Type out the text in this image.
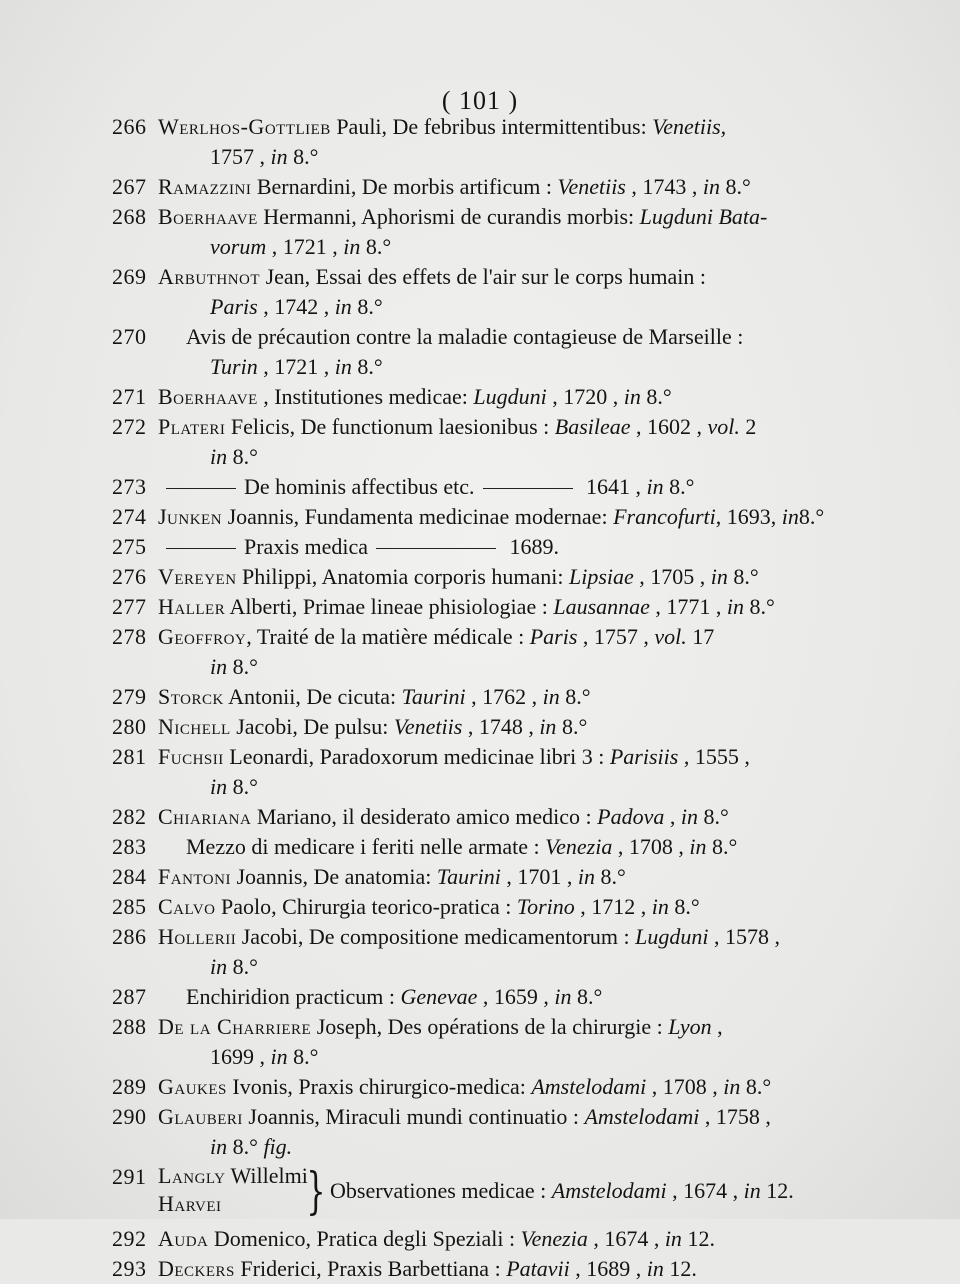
( 101 )
266 Werlhos-Gottlieb Pauli, De febribus intermittentibus: Venetiis,
1757 , in 8.°
267 Ramazzini Bernardini, De morbis artificum : Venetiis , 1743 , in 8.°
268 Boerhaave Hermanni, Aphorismi de curandis morbis: Lugduni Bata-
vorum , 1721 , in 8.°
269 Arbuthnot Jean, Essai des effets de l'air sur le corps humain :
Paris , 1742 , in 8.°
270	Avis de précaution contre la maladie contagieuse de Marseille :
Turin , 1721 , in 8.°
271 Boerhaave , Institutiones medicae: Lugduni , 1720 , in 8.°
272 Plateri Felicis, De functionum laesionibus : Basileae , 1602 , vol. 2
in 8.°
273	De hominis affectibus etc.	1641 , in 8.°
274 Junken Joannis, Fundamenta medicinae modernae: Francofurti, 1693, in8.°
275	Praxis medica	1689.
276 Vereyen Philippi, Anatomia corporis humani: Lipsiae , 1705 , in 8.°
277 Haller Alberti, Primae lineae phisiologiae : Lausannae , 1771 , in 8.°
278 Geoffroy, Traité de la matière médicale : Paris , 1757 , vol. 17
in 8.°
279 Storck Antonii, De cicuta: Taurini , 1762 , in 8.°
280 Nichell Jacobi, De pulsu: Venetiis , 1748 , in 8.°
281 Fuchsii Leonardi, Paradoxorum medicinae libri 3 : Parisiis , 1555 ,
in 8.°
282 Chiariana Mariano, il desiderato amico medico : Padova , in 8.°
283	Mezzo di medicare i feriti nelle armate : Venezia , 1708 , in 8.°
284 Fantoni Joannis, De anatomia: Taurini , 1701 , in 8.°
285 Calvo Paolo, Chirurgia teorico-pratica : Torino , 1712 , in 8.°
286 Hollerii Jacobi, De compositione medicamentorum : Lugduni , 1578 ,
in 8.°
287	Enchiridion practicum : Genevae , 1659 , in 8.°
288 De la Charriere Joseph, Des opérations de la chirurgie : Lyon ,
1699 , in 8.°
289 Gaukes Ivonis, Praxis chirurgico-medica: Amstelodami , 1708 , in 8.°
290 Glauberi Joannis, Miraculi mundi continuatio : Amstelodami , 1758 ,
in 8.° fig.
291 Langly Willelmi
Harvei	} Observationes medicae : Amstelodami , 1674 , in 12.
292 Auda Domenico, Pratica degli Speziali : Venezia , 1674 , in 12.
293 Deckers Friderici, Praxis Barbettiana : Patavii , 1689 , in 12.
